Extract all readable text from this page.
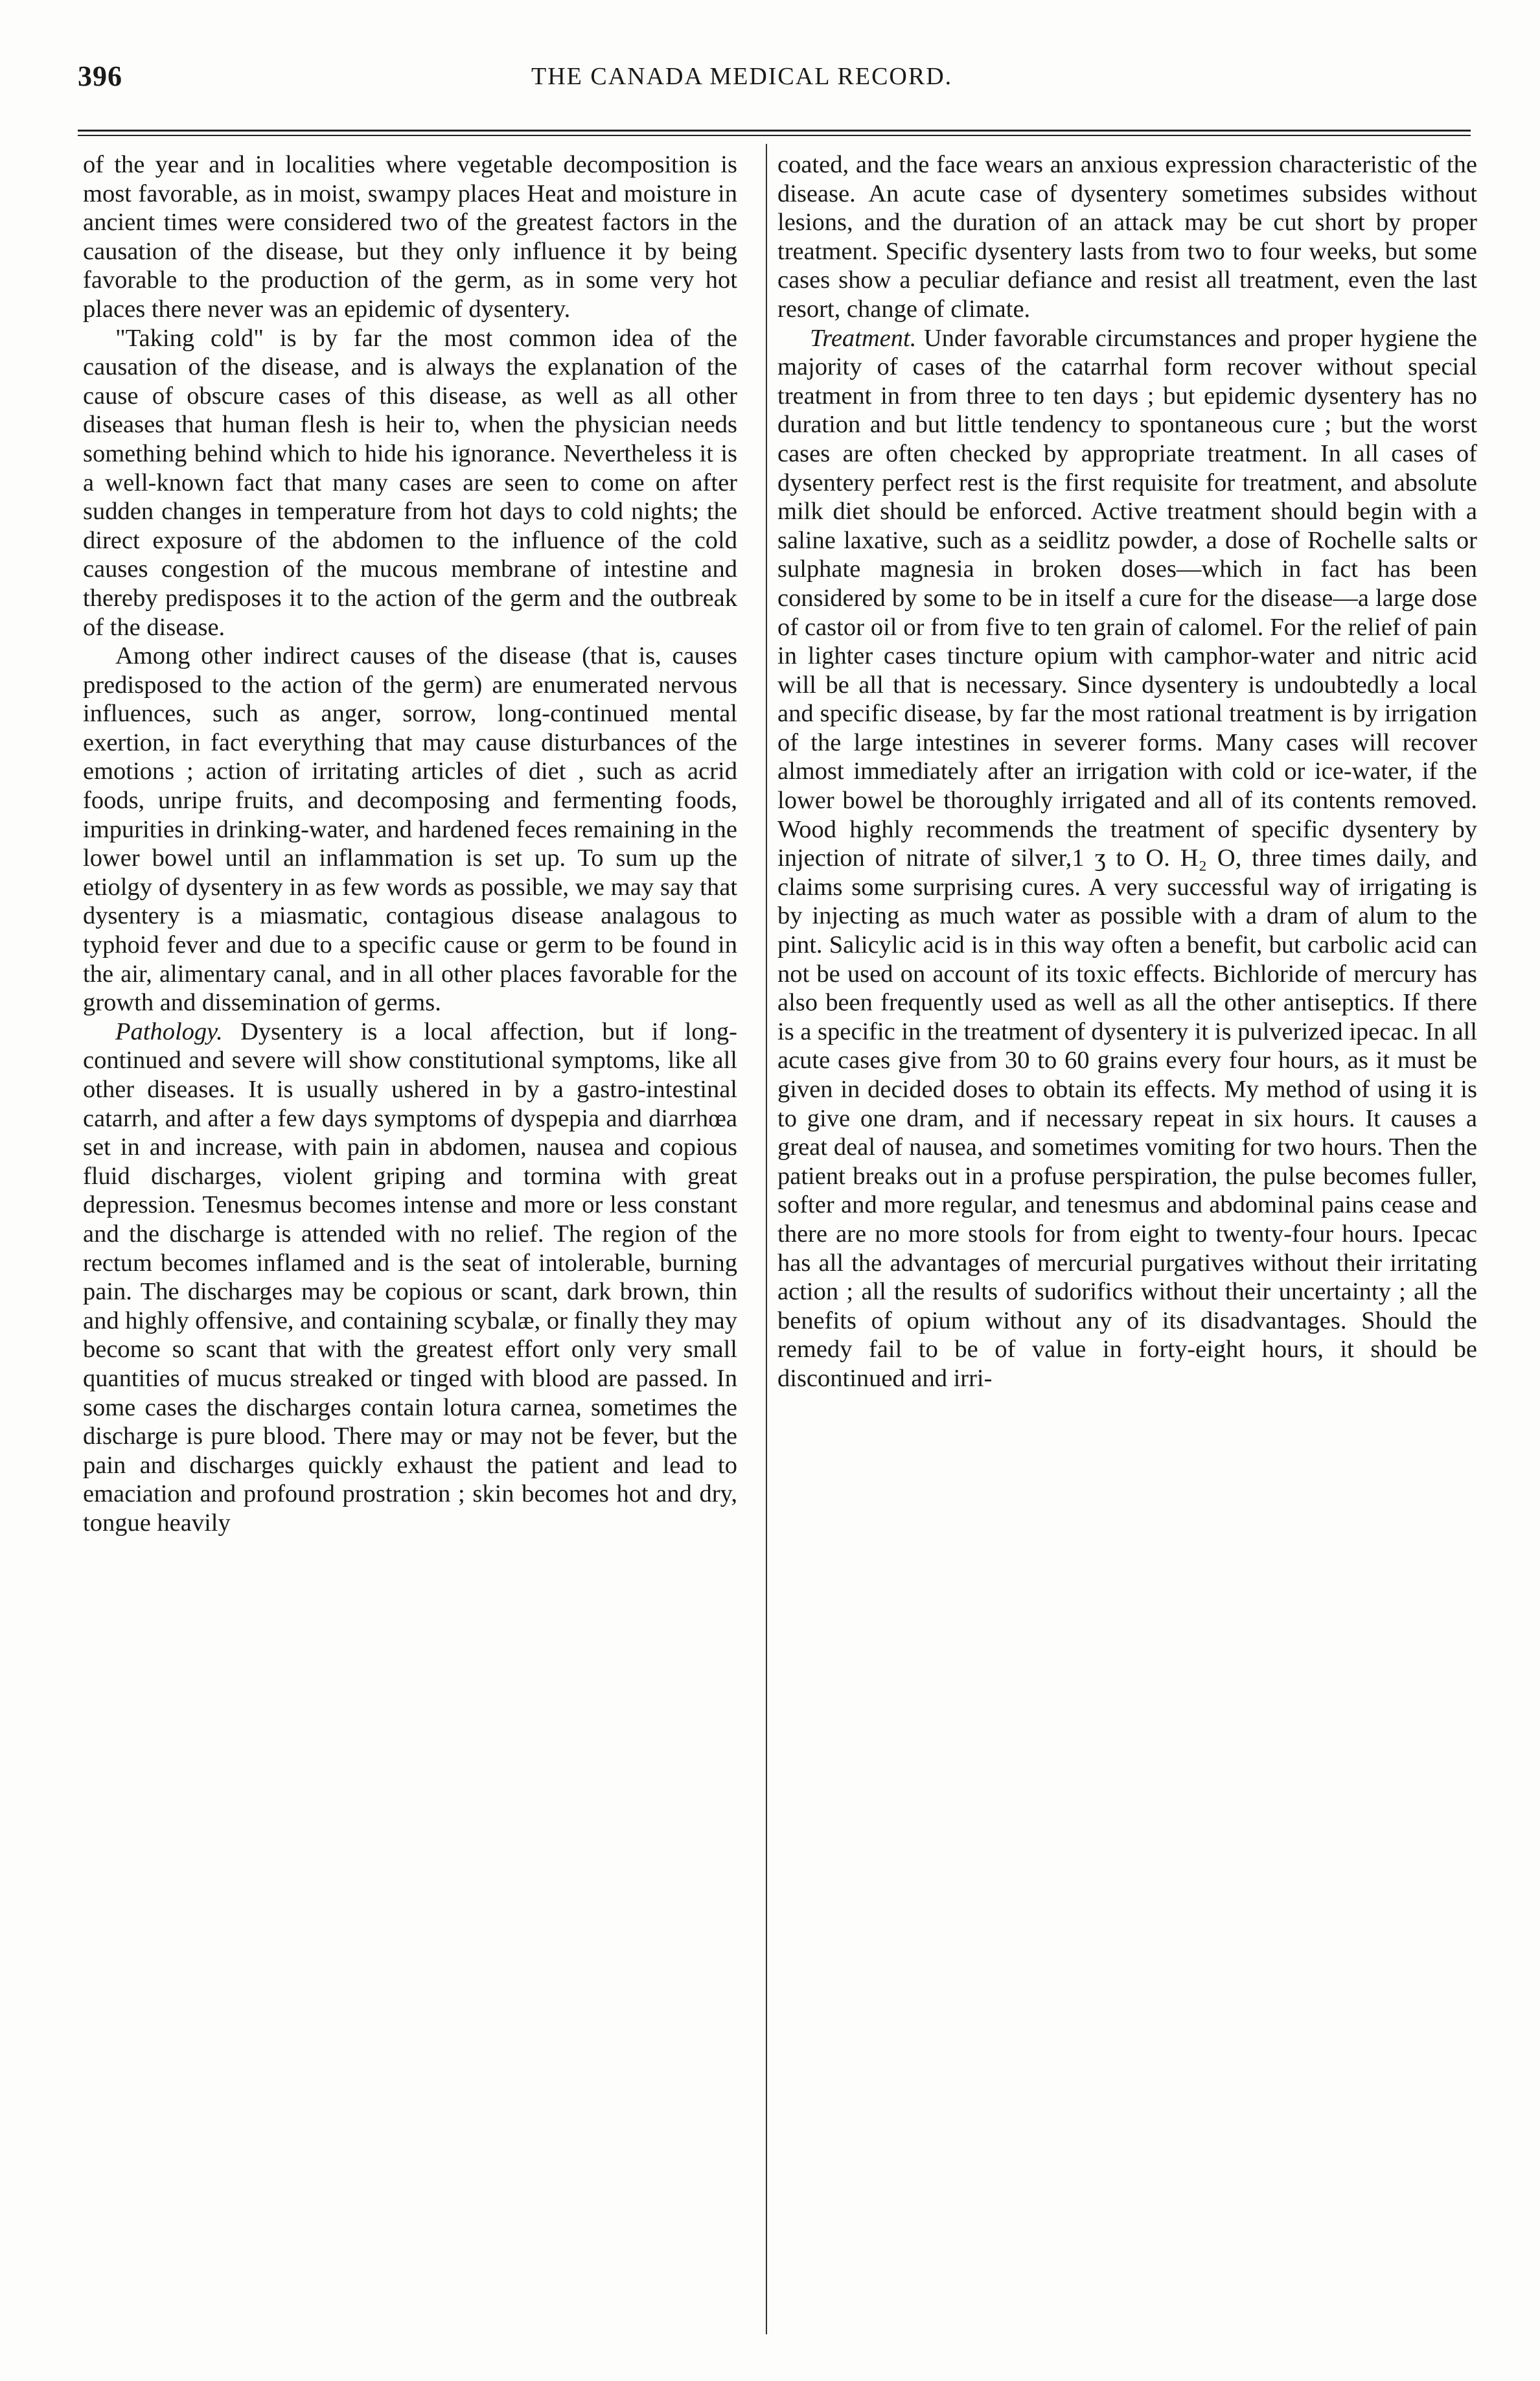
396	THE CANADA MEDICAL RECORD.

of the year and in localities where vegetable decomposition is most favorable, as in moist, swampy places Heat and moisture in ancient times were considered two of the greatest factors in the causation of the disease, but they only influence it by being favorable to the production of the germ, as in some very hot places there never was an epidemic of dysentery.

"Taking cold" is by far the most common idea of the causation of the disease, and is always the explanation of the cause of obscure cases of this disease, as well as all other diseases that human flesh is heir to, when the physician needs something behind which to hide his ignorance. Nevertheless it is a well-known fact that many cases are seen to come on after sudden changes in temperature from hot days to cold nights; the direct exposure of the abdomen to the influence of the cold causes congestion of the mucous membrane of intestine and thereby predisposes it to the action of the germ and the outbreak of the disease.

Among other indirect causes of the disease (that is, causes predisposed to the action of the germ) are enumerated nervous influences, such as anger, sorrow, long-continued mental exertion, in fact everything that may cause disturbances of the emotions ; action of irritating articles of diet , such as acrid foods, unripe fruits, and decomposing and fermenting foods, impurities in drinking-water, and hardened feces remaining in the lower bowel until an inflammation is set up. To sum up the etiolgy of dysentery in as few words as possible, we may say that dysentery is a miasmatic, contagious disease analagous to typhoid fever and due to a specific cause or germ to be found in the air, alimentary canal, and in all other places favorable for the growth and dissemination of germs.

Pathology. Dysentery is a local affection, but if long-continued and severe will show constitutional symptoms, like all other diseases. It is usually ushered in by a gastro-intestinal catarrh, and after a few days symptoms of dyspepia and diarrhœa set in and increase, with pain in abdomen, nausea and copious fluid discharges, violent griping and tormina with great depression. Tenesmus becomes intense and more or less constant and the discharge is attended with no relief. The region of the rectum becomes inflamed and is the seat of intolerable, burning pain. The discharges may be copious or scant, dark brown, thin and highly offensive, and containing scybalæ, or finally they may become so scant that with the greatest effort only very small quantities of mucus streaked or tinged with blood are passed. In some cases the discharges contain lotura carnea, sometimes the discharge is pure blood. There may or may not be fever, but the pain and discharges quickly exhaust the patient and lead to emaciation and profound prostration ; skin becomes hot and dry, tongue heavily

coated, and the face wears an anxious expression characteristic of the disease. An acute case of dysentery sometimes subsides without lesions, and the duration of an attack may be cut short by proper treatment. Specific dysentery lasts from two to four weeks, but some cases show a peculiar defiance and resist all treatment, even the last resort, change of climate.

Treatment. Under favorable circumstances and proper hygiene the majority of cases of the catarrhal form recover without special treatment in from three to ten days ; but epidemic dysentery has no duration and but little tendency to spontaneous cure ; but the worst cases are often checked by appropriate treatment. In all cases of dysentery perfect rest is the first requisite for treatment, and absolute milk diet should be enforced. Active treatment should begin with a saline laxative, such as a seidlitz powder, a dose of Rochelle salts or sulphate magnesia in broken doses—which in fact has been considered by some to be in itself a cure for the disease—a large dose of castor oil or from five to ten grain of calomel. For the relief of pain in lighter cases tincture opium with camphor-water and nitric acid will be all that is necessary. Since dysentery is undoubtedly a local and specific disease, by far the most rational treatment is by irrigation of the large intestines in severer forms. Many cases will recover almost immediately after an irrigation with cold or ice-water, if the lower bowel be thoroughly irrigated and all of its contents removed. Wood highly recommends the treatment of specific dysentery by injection of nitrate of silver,1 ʒ to O. H₂ O, three times daily, and claims some surprising cures. A very successful way of irrigating is by injecting as much water as possible with a dram of alum to the pint. Salicylic acid is in this way often a benefit, but carbolic acid can not be used on account of its toxic effects. Bichloride of mercury has also been frequently used as well as all the other antiseptics. If there is a specific in the treatment of dysentery it is pulverized ipecac. In all acute cases give from 30 to 60 grains every four hours, as it must be given in decided doses to obtain its effects. My method of using it is to give one dram, and if necessary repeat in six hours. It causes a great deal of nausea, and sometimes vomiting for two hours. Then the patient breaks out in a profuse perspiration, the pulse becomes fuller, softer and more regular, and tenesmus and abdominal pains cease and there are no more stools for from eight to twenty-four hours. Ipecac has all the advantages of mercurial purgatives without their irritating action ; all the results of sudorifics without their uncertainty ; all the benefits of opium without any of its disadvantages. Should the remedy fail to be of value in forty-eight hours, it should be discontinued and irri-
